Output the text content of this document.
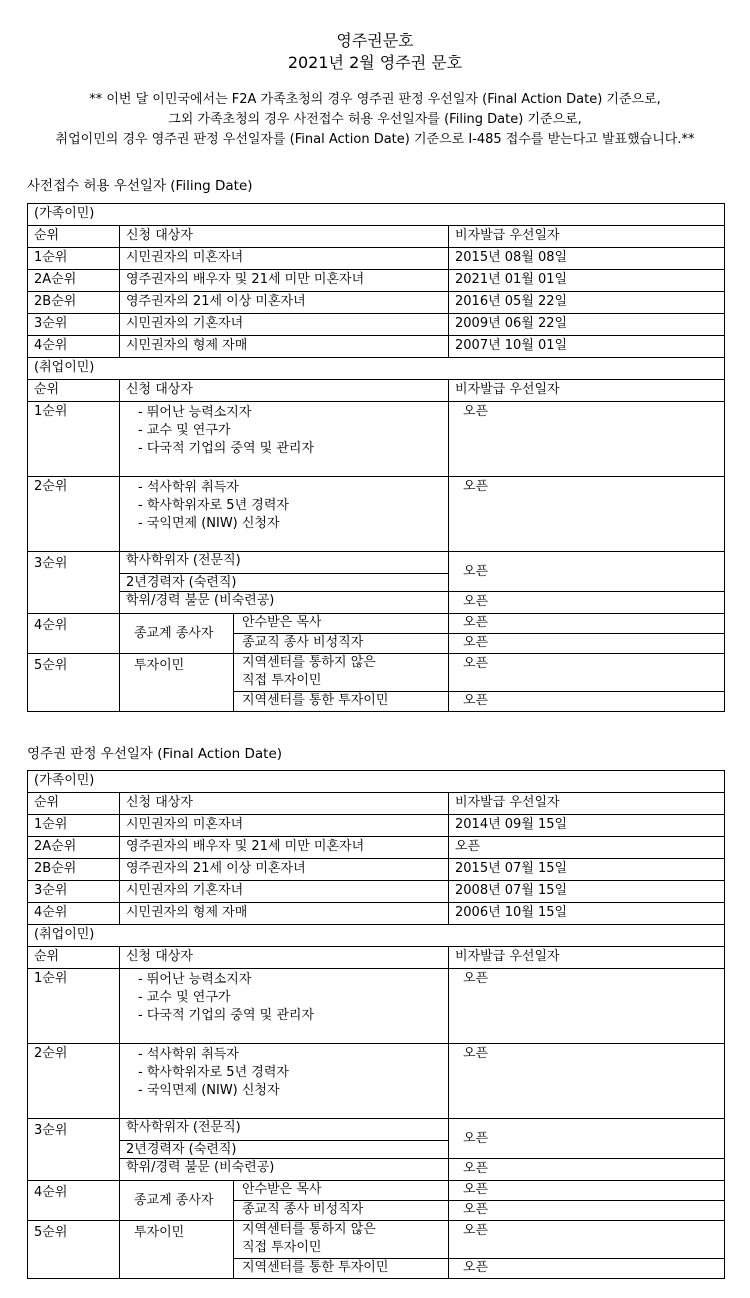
영주권문호
2021년 2월 영주권 문호
** 이번 달 이민국에서는 F2A 가족초청의 경우 영주권 판정 우선일자 (Final Action Date) 기준으로,
그외 가족초청의 경우 사전접수 허용 우선일자를 (Filing Date) 기준으로,
취업이민의 경우 영주권 판정 우선일자를 (Final Action Date) 기준으로 I-485 접수를 받는다고 발표했습니다.**
사전접수 허용 우선일자 (Filing Date)
(가족이민)			
순위	신청 대상자		비자발급 우선일자
1순위	시민권자의 미혼자녀		2015년 08월 08일
2A순위	영주권자의 배우자 및 21세 미만 미혼자녀		2021년 01월 01일
2B순위	영주권자의 21세 이상 미혼자녀		2016년 05월 22일
3순위	시민권자의 기혼자녀		2009년 06월 22일
4순위	시민권자의 형제 자매		2007년 10월 01일
(취업이민)			
순위	신청 대상자		비자발급 우선일자
1순위	- 뛰어난 능력소지자
- 교수 및 연구가
- 다국적 기업의 중역 및 관리자		오픈
2순위	- 석사학위 취득자
- 학사학위자로 5년 경력자
- 국익면제 (NIW) 신청자		오픈
3순위	학사학위자 (전문직)		오픈
	2년경력자 (숙련직)		
	학위/경력 불문 (비숙련공)		오픈
4순위	종교계 종사자	안수받은 목사	오픈
		종교직 종사 비성직자	오픈
5순위	투자이민	지역센터를 통하지 않은
직접 투자이민	오픈
		지역센터를 통한 투자이민	오픈
영주권 판정 우선일자 (Final Action Date)
(가족이민)			
순위	신청 대상자		비자발급 우선일자
1순위	시민권자의 미혼자녀		2014년 09월 15일
2A순위	영주권자의 배우자 및 21세 미만 미혼자녀		오픈
2B순위	영주권자의 21세 이상 미혼자녀		2015년 07월 15일
3순위	시민권자의 기혼자녀		2008년 07월 15일
4순위	시민권자의 형제 자매		2006년 10월 15일
(취업이민)			
순위	신청 대상자		비자발급 우선일자
1순위	- 뛰어난 능력소지자
- 교수 및 연구가
- 다국적 기업의 중역 및 관리자		오픈
2순위	- 석사학위 취득자
- 학사학위자로 5년 경력자
- 국익면제 (NIW) 신청자		오픈
3순위	학사학위자 (전문직)		오픈
	2년경력자 (숙련직)		
	학위/경력 불문 (비숙련공)		오픈
4순위	종교계 종사자	안수받은 목사	오픈
		종교직 종사 비성직자	오픈
5순위	투자이민	지역센터를 통하지 않은
직접 투자이민	오픈
		지역센터를 통한 투자이민	오픈
